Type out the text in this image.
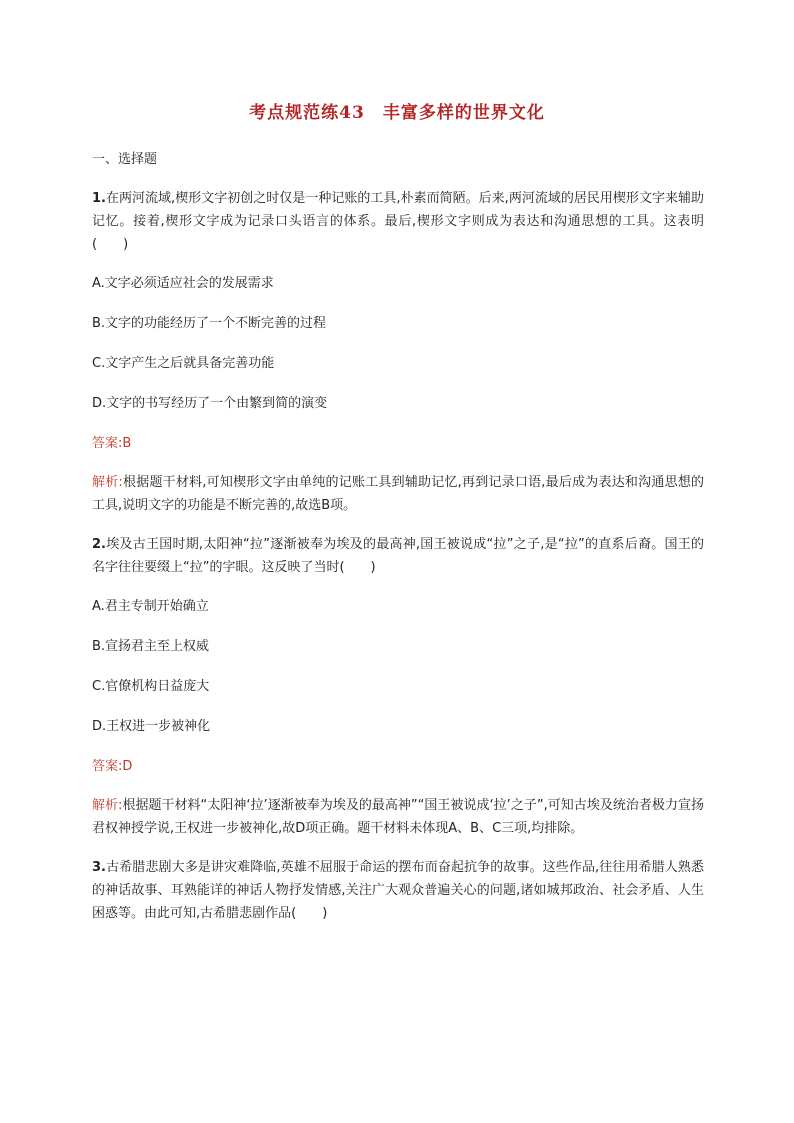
考点规范练43　丰富多样的世界文化
一、选择题
1.在两河流域,楔形文字初创之时仅是一种记账的工具,朴素而简陋。后来,两河流域的居民用楔形文字来辅助记忆。接着,楔形文字成为记录口头语言的体系。最后,楔形文字则成为表达和沟通思想的工具。这表明(　　)
A.文字必须适应社会的发展需求
B.文字的功能经历了一个不断完善的过程
C.文字产生之后就具备完善功能
D.文字的书写经历了一个由繁到简的演变
答案:B
解析:根据题干材料,可知楔形文字由单纯的记账工具到辅助记忆,再到记录口语,最后成为表达和沟通思想的工具,说明文字的功能是不断完善的,故选B项。
2.埃及古王国时期,太阳神“拉”逐渐被奉为埃及的最高神,国王被说成“拉”之子,是“拉”的直系后裔。国王的名字往往要缀上“拉”的字眼。这反映了当时(　　)
A.君主专制开始确立
B.宣扬君主至上权威
C.官僚机构日益庞大
D.王权进一步被神化
答案:D
解析:根据题干材料“太阳神‘拉’逐渐被奉为埃及的最高神”“国王被说成‘拉’之子”,可知古埃及统治者极力宣扬君权神授学说,王权进一步被神化,故D项正确。题干材料未体现A、B、C三项,均排除。
3.古希腊悲剧大多是讲灾难降临,英雄不屈服于命运的摆布而奋起抗争的故事。这些作品,往往用希腊人熟悉的神话故事、耳熟能详的神话人物抒发情感,关注广大观众普遍关心的问题,诸如城邦政治、社会矛盾、人生困惑等。由此可知,古希腊悲剧作品(　　)
